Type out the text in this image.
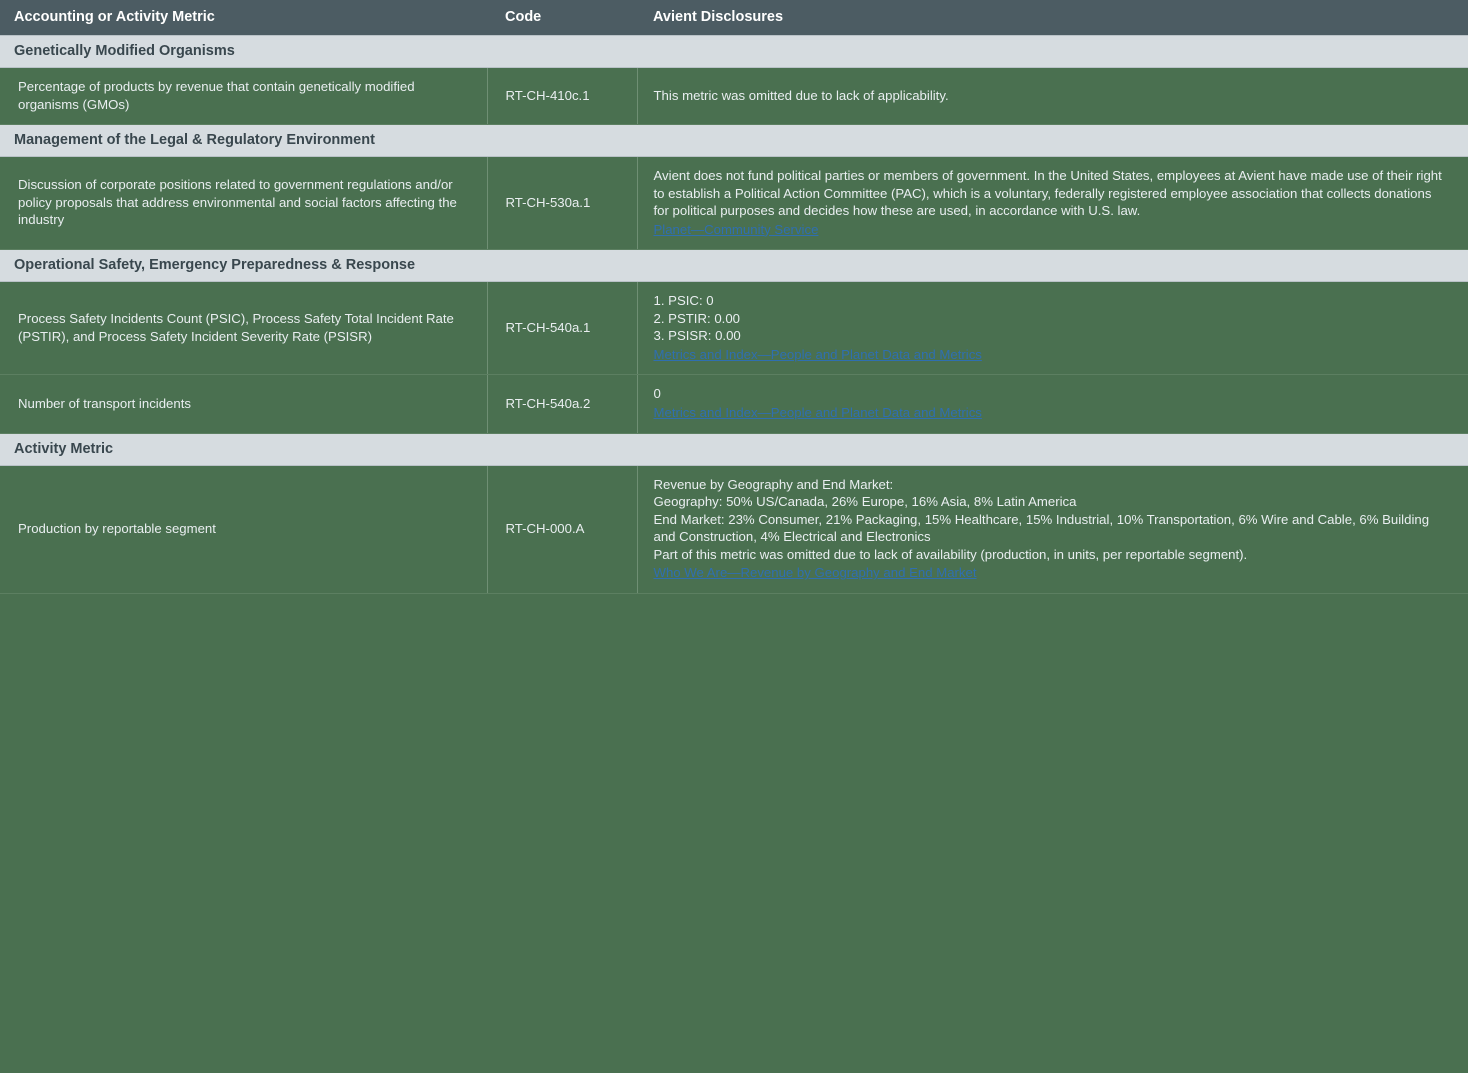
Accounting or Activity Metric	Code	Avient Disclosures
Genetically Modified Organisms		
Percentage of products by revenue that contain genetically modified organisms (GMOs)	RT-CH-410c.1	This metric was omitted due to lack of applicability.

Management of the Legal & Regulatory Environment		
Discussion of corporate positions related to government regulations and/or policy proposals that address environmental and social factors affecting the industry	RT-CH-530a.1	Avient does not fund political parties or members of government. In the United States, employees at Avient have made use of their right to establish a Political Action Committee (PAC), which is a voluntary, federally registered employee association that collects donations for political purposes and decides how these are used, in accordance with U.S. law.
Planet—Community Service
Operational Safety, Emergency Preparedness & Response		
Process Safety Incidents Count (PSIC), Process Safety Total Incident Rate (PSTIR), and Process Safety Incident Severity Rate (PSISR)	RT-CH-540a.1	1. PSIC: 0
2. PSTIR: 0.00
3. PSISR: 0.00
Metrics and Index—People and Planet Data and Metrics
Number of transport incidents	RT-CH-540a.2	0
Metrics and Index—People and Planet Data and Metrics
Activity Metric		
Production by reportable segment	RT-CH-000.A	Revenue by Geography and End Market:
Geography: 50% US/Canada, 26% Europe, 16% Asia, 8% Latin America
End Market: 23% Consumer, 21% Packaging, 15% Healthcare, 15% Industrial, 10% Transportation, 6% Wire and Cable, 6% Building and Construction, 4% Electrical and Electronics
Part of this metric was omitted due to lack of availability (production, in units, per reportable segment).
Who We Are—Revenue by Geography and End Market
